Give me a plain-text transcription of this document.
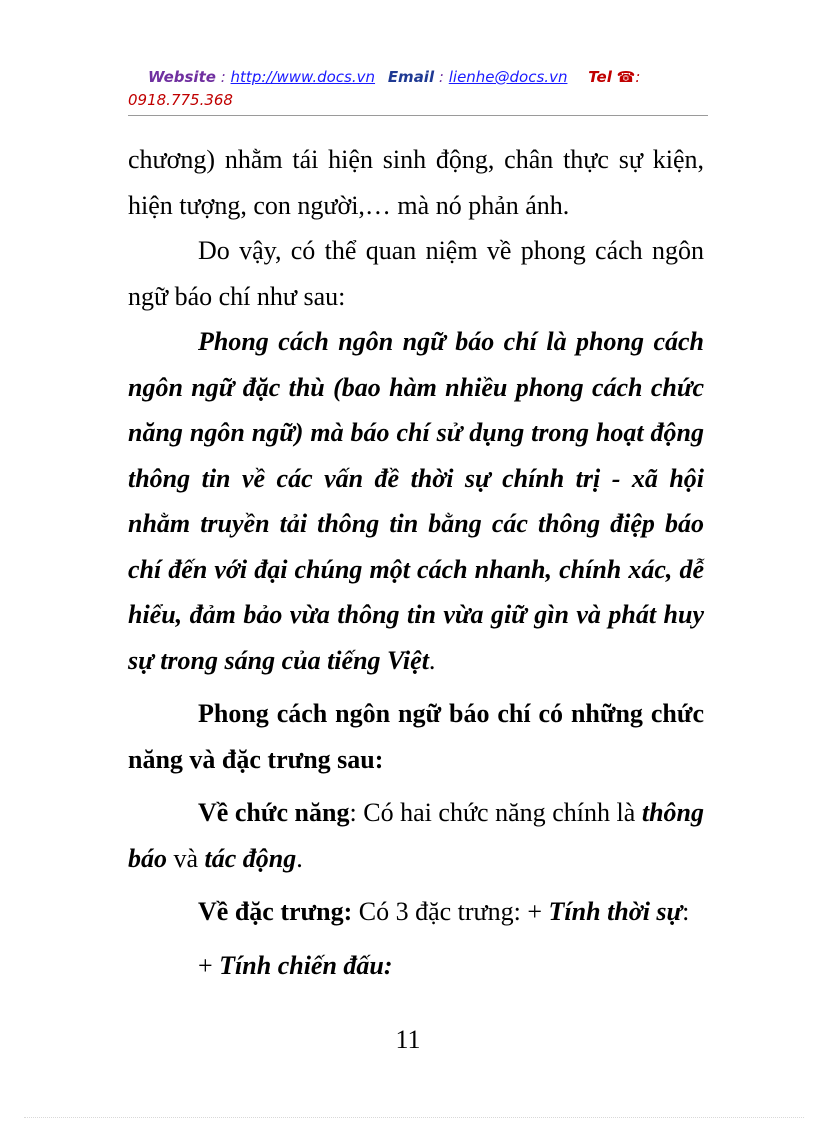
Website : http://www.docs.vn Email : lienhe@docs.vn Tel ☎:
0918.775.368

chương) nhằm tái hiện sinh động, chân thực sự kiện, hiện tượng, con người,… mà nó phản ánh.

Do vậy, có thể quan niệm về phong cách ngôn ngữ báo chí như sau:

Phong cách ngôn ngữ báo chí là phong cách ngôn ngữ đặc thù (bao hàm nhiều phong cách chức năng ngôn ngữ) mà báo chí sử dụng trong hoạt động thông tin về các vấn đề thời sự chính trị - xã hội nhằm truyền tải thông tin bằng các thông điệp báo chí đến với đại chúng một cách nhanh, chính xác, dễ hiểu, đảm bảo vừa thông tin vừa giữ gìn và phát huy sự trong sáng của tiếng Việt.

Phong cách ngôn ngữ báo chí có những chức năng và đặc trưng sau:

Về chức năng: Có hai chức năng chính là thông báo và tác động.

Về đặc trưng: Có 3 đặc trưng: + Tính thời sự:

+ Tính chiến đấu:

11
